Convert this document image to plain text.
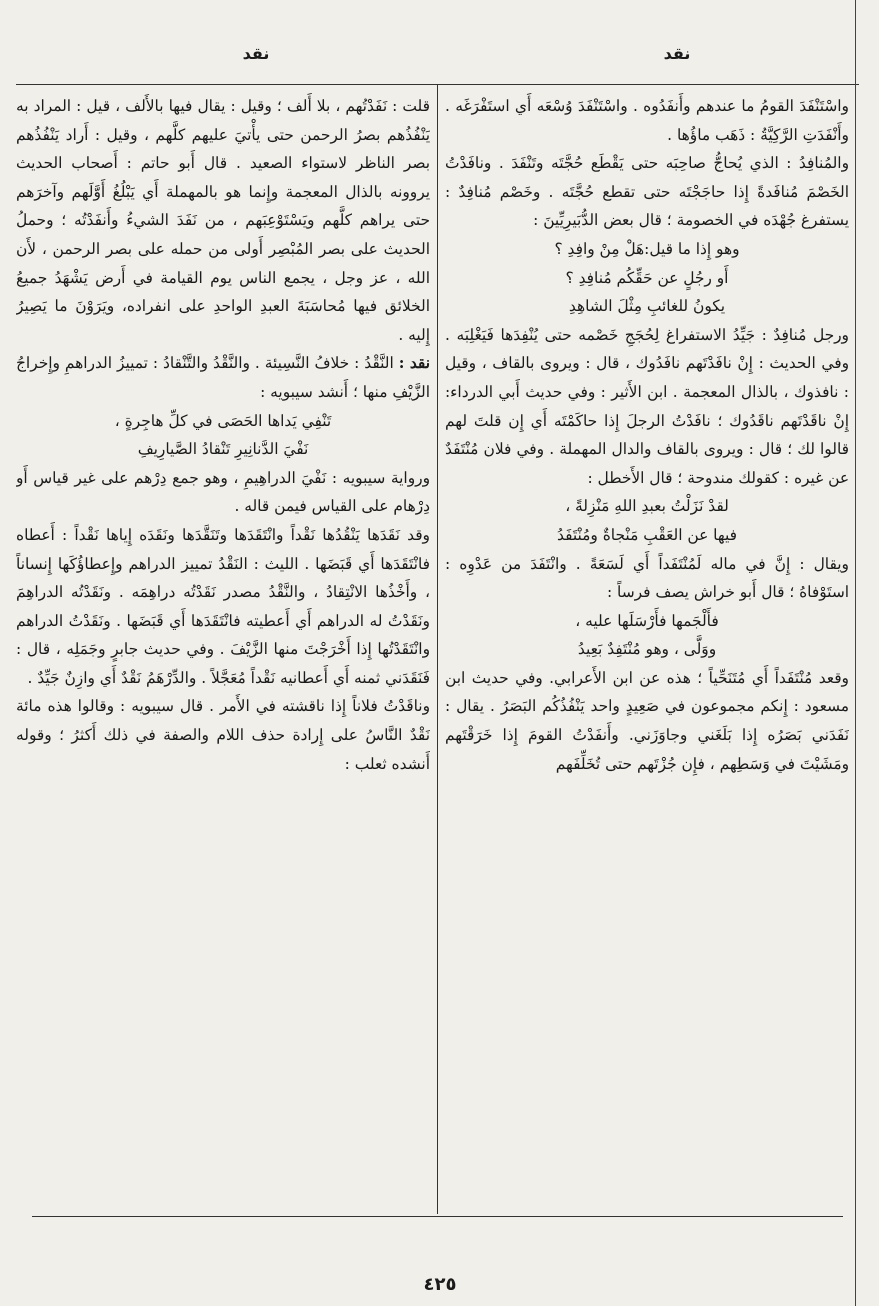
نقد
نقد

واسْتَنْفَدَ القومُ ما عندهم وأَنفَدُوه . واسْتَنْفَدَ وُسْعَه أَي استَفْرَغَه . وأَنْفَدَتِ الرَّكِيَّةُ : ذَهَب ماؤُها .

والمُنافِدُ : الذي يُحاجُّ صاحِبَه حتى يَقْطَع حُجَّتَه وتَنْفَدَ . ونافَدْتُ الخَصْمَ مُنافَدةً إِذا حاجَجْتَه حتى تقطع حُجَّتَه . وخَصْم مُنافِدٌ : يستفرغ جُهْدَه في الخصومة ؛ قال بعض الدُّبَيرِيِّينَ :

وهو إِذا ما قيل:هَلْ مِنْ وافِدِ ؟

أَو رجُلٍ عن حَقِّكُم مُنافِدِ ؟

يكونُ للغائبِ مِثْلَ الشاهِدِ

ورجل مُنافِدٌ : جَيِّدُ الاستفراغ لِحُجَجِ خَصْمه حتى يُنْفِدَها فَيَغْلِبَه . وفي الحديث : إِنْ نافَدْتَهم نافَدُوك ، قال : ويروى بالقاف ، وقيل : نافذوك ، بالذال المعجمة . ابن الأَثير : وفي حديث أَبي الدرداء: إِنْ ناقَدْتَهم ناقَدُوك ؛ نافَدْتُ الرجلَ إِذا حاكَمْتَه أَي إِن قلتَ لهم قالوا لك ؛ قال : ويروى بالقاف والدال المهملة . وفي فلان مُنْتَفَدٌ عن غيره : كقولك مندوحة ؛ قال الأَخطل :

لقدْ نَزَلْتُ بعبدِ اللهِ مَنْزِلةً ،

فيها عن العَقْبِ مَنْجاةٌ ومُنْتَفَدُ

ويقال : إِنَّ في ماله لَمُنْتَفَداً أَي لَسَعَةً . وانْتَفَدَ من عَدْوِه : استَوْفاهُ ؛ قال أَبو خراش يصف فرساً :

فأَلْجَمها فأَرْسَلَها عليه ،

ووَلَّى ، وهو مُنْتَفِدٌ بَعِيدُ

وقعد مُنْتَفَداً أَي مُتَنَحِّياً ؛ هذه عن ابن الأَعرابي. وفي حديث ابن مسعود : إِنكم مجموعون في صَعِيدٍ واحد يَنْفُذُكُم البَصَرُ . يقال : نَفَدَني بَصَرُه إِذا بَلَغَني وجاوَزَني. وأَنفَدْتُ القومَ إِذا خَرَقْتَهم ومَشَيْتَ في وَسَطِهم ، فإِن جُزْتَهم حتى تُخَلِّفَهم

قلت : نَفَدْتُهم ، بلا أَلف ؛ وقيل : يقال فيها بالأَلف ، قيل : المراد به يَنْفُذُهم بصرُ الرحمن حتى يأْتيَ عليهم كلَّهم ، وقيل : أَراد يَنْفُذُهم بصر الناظر لاستواء الصعيد . قال أَبو حاتم : أَصحاب الحديث يروونه بالذال المعجمة وإِنما هو بالمهملة أَي يَبْلُغُ أَوَّلَهم وآخرَهم حتى يراهم كلَّهم ويَسْتَوْعِبَهم ، من نَفَدَ الشيءُ وأَنفَدْتُه ؛ وحملُ الحديث على بصر المُبْصِر أَولى من حمله على بصر الرحمن ، لأَن الله ، عز وجل ، يجمع الناس يوم القيامة في أَرض يَشْهَدُ جميعُ الخلائق فيها مُحاسَبَةَ العبدِ الواحدِ على انفراده، ويَرَوْنَ ما يَصِيرُ إِليه .

نقد : النَّقْدُ : خلافُ النَّسِيئة . والنَّقْدُ والتَّنْقادُ : تمييزُ الدراهمِ وإِخراجُ الزَّيْفِ منها ؛ أَنشد سيبويه :

تَنْفِي يَداها الحَصَى في كلِّ هاجِرةٍ ،

نَفْيَ الدَّنانِيرِ تَنْقادُ الصَّيارِيفِ

ورواية سيبويه : نَفْيَ الدراهِيمِ ، وهو جمع دِرْهم على غير قياس أَو دِرْهام على القياس فيمن قاله .

وقد نَقَدَها يَنْقُدُها نَقْداً وانْتَقَدَها وتَنَقَّدَها ونَقَدَه إِياها نَقْداً : أَعطاه فانْتَقَدَها أَي قَبَضَها . الليث : النَقْدُ تمييز الدراهم وإِعطاؤُكَها إِنساناً ، وأَخْذُها الانْتِقادُ ، والنَّقْدُ مصدر نَقَدْتُه دراهِمَه . ونَقَدْتُه الدراهِمَ ونَقَدْتُ له الدراهم أَي أَعطيته فانْتَقَدَها أَي قَبَضَها . ونَقَدْتُ الدراهم وانْتَقَدْتُها إِذا أَخْرَجْتَ منها الزَّيْفَ . وفي حديث جابرٍ وجَمَلِه ، قال : فَنَقَدَني ثمنه أَي أَعطانيه نَقْداً مُعَجَّلاً . والدِّرْهَمُ نَقْدٌ أَي وازِنٌ جَيِّدٌ .

وناقَدْتُ فلاناً إِذا ناقشته في الأَمر . قال سيبويه : وقالوا هذه مائة نَقْدٌ النَّاسُ على إِرادة حذف اللام والصفة في ذلك أَكثرُ ؛ وقوله أَنشده ثعلب :

٤٢٥
